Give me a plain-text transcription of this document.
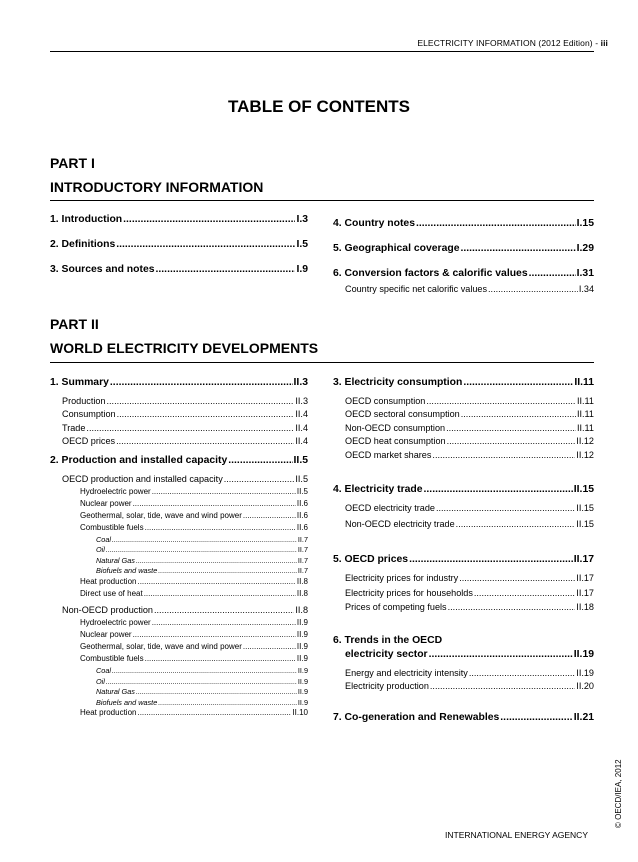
ELECTRICITY INFORMATION (2012 Edition) - iii
TABLE OF CONTENTS
PART I
INTRODUCTORY INFORMATION
1. Introduction .....	I.3
2. Definitions .....	I.5
3. Sources and notes .....	I.9
4. Country notes .....	I.15
5. Geographical coverage .....	I.29
6. Conversion factors & calorific values .....	I.31
Country specific net calorific values .....	I.34
PART II
WORLD ELECTRICITY DEVELOPMENTS
1. Summary .....	II.3
Production .....	II.3
Consumption .....	II.4
Trade .....	II.4
OECD prices .....	II.4
2. Production and installed capacity .....	II.5
OECD production and installed capacity .....	II.5
Hydroelectric power .....	II.5
Nuclear power .....	II.6
Geothermal, solar, tide, wave and wind power .....	II.6
Combustible fuels .....	II.6
Coal .....	II.7
Oil .....	II.7
Natural Gas .....	II.7
Biofuels and waste .....	II.7
Heat production .....	II.8
Direct use of heat .....	II.8
Non-OECD production .....	II.8
Hydroelectric power .....	II.9
Nuclear power .....	II.9
Geothermal, solar, tide, wave and wind power .....	II.9
Combustible fuels .....	II.9
Coal .....	II.9
Oil .....	II.9
Natural Gas .....	II.9
Biofuels and waste .....	II.9
Heat production .....	II.10
3. Electricity consumption .....	II.11
OECD consumption .....	II.11
OECD sectoral consumption .....	II.11
Non-OECD consumption .....	II.11
OECD heat consumption .....	II.12
OECD market shares .....	II.12
4. Electricity trade .....	II.15
OECD electricity trade .....	II.15
Non-OECD electricity trade .....	II.15
5. OECD prices .....	II.17
Electricity prices for industry .....	II.17
Electricity prices for households .....	II.17
Prices of competing fuels .....	II.18
6. Trends in the OECD
electricity sector .....	II.19
Energy and electricity intensity .....	II.19
Electricity production .....	II.20
7. Co-generation and Renewables .....	II.21
INTERNATIONAL ENERGY AGENCY
© OECD/IEA, 2012
